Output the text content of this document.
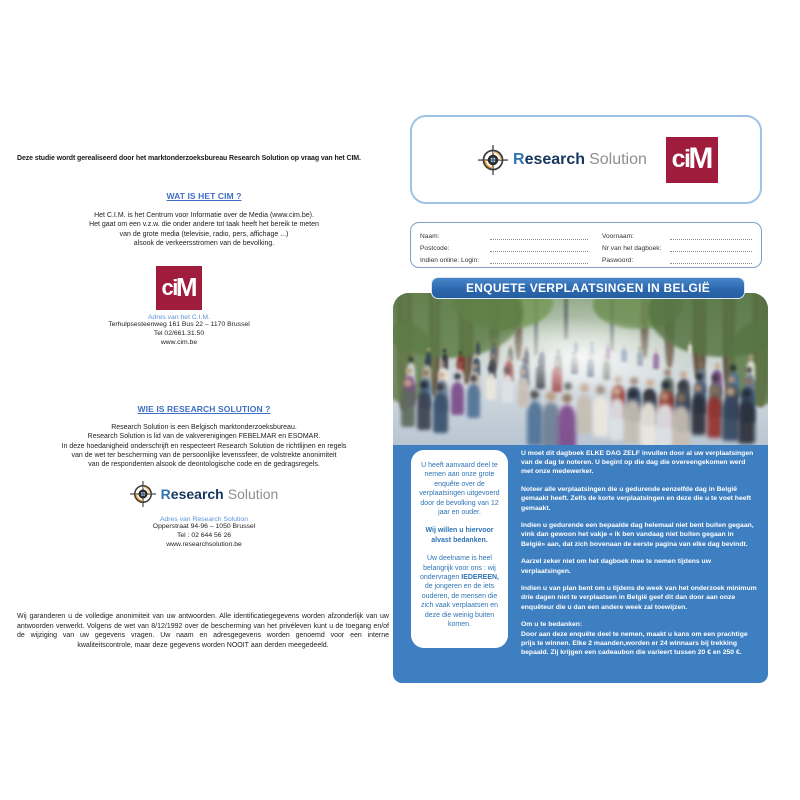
Deze studie wordt gerealiseerd door het marktonderzoeksbureau Research Solution op vraag van het CIM.
WAT IS HET CIM ?
Het C.I.M. is het Centrum voor Informatie over de Media (www.cim.be).
Het gaat om een v.z.w. die onder andere tot taak heeft het bereik te meten
van de grote media (televisie, radio, pers, affichage ...)
alsook de verkeersstromen van de bevolking.
ci M
Adres van het C.I.M.
Terhulpsesteenweg 161 Bus 22 – 1170 Brussel
Tel 02/661.31.50
www.cim.be
WIE IS RESEARCH SOLUTION ?
Research Solution is een Belgisch marktonderzoeksbureau.
Research Solution is lid van de vakverenigingen FEBELMAR en ESOMAR.
In deze hoedanigheid onderschrijft en respecteert Research Solution de richtlijnen en regels
van de wet ter bescherming van de persoonlijke levenssfeer, de volstrekte anonimiteit
van de respondenten alsook de deontologische code en de gedragsregels.
Research Solution
Adres van Research Solution
Opperstraat 94-96 – 1050 Brussel
Tel : 02 644 56 26
www.researchsolution.be
Wij garanderen u de volledige anonimiteit van uw antwoorden. Alle identificatiegegevens worden afzonderlijk van uw antwoorden verwerkt. Volgens de wet van 8/12/1992 over de bescherming van het privéleven kunt u de toegang en/of de wijziging van uw gegevens vragen. Uw naam en adresgegevens worden genoemd voor een interne kwaliteitscontrole, maar deze gegevens worden NOOIT aan derden meegedeeld.
Research Solution ci M
Naam:	Voornaam:
Postcode:	Nr van het dagboek:
Indien online: Login:	Paswoord:
ENQUETE VERPLAATSINGEN IN BELGIË

U heeft aanvaard deel te nemen aan onze grote enquête over de verplaatsingen uitgevoerd door de bevolking van 12 jaar en ouder.

Wij willen u hiervoor alvast bedanken.

Uw deelname is heel belangrijk voor ons : wij ondervragen IEDEREEN, de jongeren en de iets ouderen, de mensen die zich vaak verplaatsen en deze die weinig buiten komen.

U moet dit dagboek ELKE DAG ZELF invullen door al uw verplaatsingen van de dag te noteren. U begint op die dag die overeengekomen werd met onze medewerker.

Noteer alle verplaatsingen die u gedurende eenzelfde dag in België gemaakt heeft. Zelfs de korte verplaatsingen en deze die u te voet heeft gemaakt.

Indien u gedurende een bepaalde dag helemaal niet bent buiten gegaan, vink dan gewoon het vakje « ik ben vandaag niet buiten gegaan in België» aan, dat zich bovenaan de eerste pagina van elke dag bevindt.

Aarzel zeker niet om het dagboek mee te nemen tijdens uw verplaatsingen.

Indien u van plan bent om u tijdens de week van het onderzoek minimum drie dagen niet te verplaatsen in België geef dit dan door aan onze enquêteur die u dan een andere week zal toewijzen.

Om u te bedanken:

Door aan deze enquête deel te nemen, maakt u kans om een prachtige prijs te winnen. Elke 2 maanden,worden er 24 winnaars bij trekking bepaald. Zij krijgen een cadeaubon die varieert tussen 20 € en 250 €.
